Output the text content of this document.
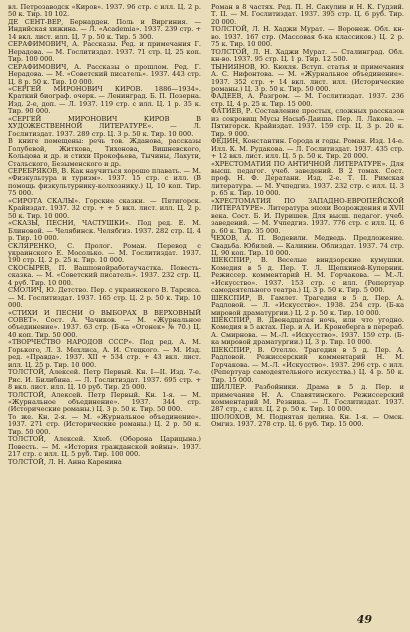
вл. Петрозаводск «Киров». 1937. 96 стр. с илл. Ц. 2 р. 50 к. Тир. 10 102.

ДЕ СЕНТ-ВЕР, Бернарден. Поль и Виргиния. — Индийская хижина. — Л. «Academia». 1937. 239 стр. + 14 вкл. лист. илл. Ц. 7 р. 50 к. Тир. 5 300.

СЕРАФИМОВИЧ, А. Рассказы. Ред. и примечания Г. Нерадова. — М. Гослитиздат. 1937. 71 стр. Ц. 25 коп. Тир. 100 000.

СЕРАФИМОВИЧ, А. Рассказы о прошлом. Ред. Г. Нерадова. — М. «Советский писатель». 1937. 443 стр. Ц. 8 р. 50 к. Тир. 10 000.

«СЕРГЕЙ МИРОНОВИЧ КИРОВ. 1886—1934». Краткий биограф. очерк. — Ленинград. Б. П. Позерна. Изд. 2-е, доп. — Л. 1937. 119 стр. с илл. Ц. 1 р. 35 к. Тир. 90 000.

«СЕРГЕЙ МИРОНОВИЧ КИРОВ В ХУДОЖЕСТВЕННОЙ ЛИТЕРАТУРЕ». — Л. Гослитиздат. 1937. 289 стр. Ц. 3 р. 50 к. Тир. 10 000.

В книге помещены: речь тов. Жданова, рассказы Голубевой, Житкова, Тихонова, Вишневского, Кольцова и др. и стихи Прокофьева, Тычины, Лахути, Стальского, Безыменского и др.

СЕРЕБРЯКОВ, В. Как научиться хорошо плавать. — М. «Физкультура и туризм». 1937. 15 стр. с илл. (В помощь физкультурнику-колхознику.) Ц. 10 коп. Тир. 75 000.

«СИРОТА СКАЛЫ». Горские сказки. — Пятигорск. Крайиздат. 1937. 32 стр. + + 5 вкл. лист. илл. Ц. 2 р. 50 к. Тир. 10 000.

«СКАЗЫ, ПЕСНИ, ЧАСТУШКИ». Под ред. Е. М. Блиновой. — Челябинск. Челябгиз. 1937. 282 стр. Ц. 4 р. Тир. 10 000.

СКЛЯРЕНКО, С. Пролог. Роман. Перевод с украинского Е. Мосолько. — М. Гослитиздат. 1937. 190 стр. Ц. 2 р. 25 к. Тир. 10 000.

СКОСЫРЕВ, П. Вашпонойработаучастка. Повесть-сказка. — М. «Советский писатель». 1937. 232 стр. Ц. 4 руб. Тир. 10 000.

СМОЛИЧ, Ю. Детство. Пер. с украинского В. Тарсиса. — М. Гослитиздат. 1937. 165 стр. Ц. 2 р. 50 к. Тир. 10 000.

«СТИХИ И ПЕСНИ О ВЫБОРАХ В ВЕРХОВНЫЙ СОВЕТ». Сост. А. Чачиков. — М. «Журнальное объединение». 1937. 63 стр. (Б-ка «Огонек» № 70.) Ц. 40 коп. Тир. 50 000.

«ТВОРЧЕСТВО НАРОДОВ СССР». Под ред. А. М. Горького, Л. З. Мехлиса, А. И. Стецкого. — М. Изд. ред. «Правда». 1937. XII + 534 стр. + 43 вкл. лист. илл. Ц. 25 р. Тир. 10 000.

ТОЛСТОЙ, Алексей. Петр Первый. Кн. I—II. Изд. 7-е. Рис. И. Билибина. — Л. Гослитиздат. 1937. 695 стр. + 8 вкл. лист. илл. Ц. 10 руб. Тир. 25 000.

ТОЛСТОЙ, Алексей. Петр Первый. Кн. 1-я. — М. «Журнальное объединение». 1937. 344 стр. (Исторические романы.) Ц. 3 р. 50 к. Тир. 50 000.

То же. Кн. 2-я. — М. «Журнальное объединение». 1937. 271 стр. (Исторические романы.) Ц. 2 р. 50 к. Тир. 50 000.

ТОЛСТОЙ, Алексей. Хлеб. (Оборона Царицына.) Повесть. — М. «История гражданской войны». 1937. 217 стр. с илл. Ц. 5 руб. Тир. 100 000.

ТОЛСТОЙ, Л. Н. Анна Каренина

Роман в 8 частях. Ред. П. Н. Сакулин и Н. К. Гудзий. Т. II. — М. Гослитиздат. 1937. 395 стр. Ц. 6 руб. Тир. 20 000.

ТОЛСТОЙ, Л. Н. Хаджи Мурат. — Воронеж. Обл. кн-во. 1937. 167 стр. (Массовая б-ка классиков.) Ц. 2 р. 75 к. Тир. 10 000.

ТОЛСТОЙ, Л. Н. Хаджи Мурат. — Сталинград. Обл. кн-во. 1937. 95 стр. Ц. 1 р. Тир. 12 500.

ТЫНИЯНОВ, Ю. Кюхля. Вступ. статья и примечания А. С. Нифонтова. — М. «Журнальное объединение». 1937. 352 стр. + 14 вкл. лист. илл. (Исторические романы.) Ц. 3 р. 50 к. Тир. 50 000.

ФАДЕЕВ, А. Разгром. — М. Гослитиздат. 1937. 236 стр. Ц. 4 р. 25 к. Тир. 15 000.

ФАТИЕВ, Р. Составление простых, сложных рассказов из сокровищ Мусы Насыб-Даиша. Пер. Л. Лакова. — Пятигорск. Крайиздат. 1937. 159 стр. Ц. 3 р. 20 к. Тир. 9 000.

ФЕДИН, Константин. Города и годы. Роман. Изд. 14-е. Илл. К. М. Рудакова. — Л. Гослитиздат. 1937. 435 стр. + 12 вкл. лист. илл. Ц. 5 р. 50 к. Тир. 20 000.

«ХРЕСТОМАТИЯ ПО АНТИЧНОЙ ЛИТЕРАТУРЕ». Для высш. педагог. учеб. заведений. В 2 томах. Сост. проф. Н. Ф. Дератани. Изд. 2-е. Т. II. Римская литература. — М. Учпедгиз. 1937. 232 стр. с илл. Ц. 3 р. 65 к. Тир. 10 000.

«ХРЕСТОМАТИЯ ПО ЗАПАДНО-ЕВРОПЕЙСКОЙ ЛИТЕРАТУРЕ». Литература эпохи Возрождения и XVII века. Сост. Б. И. Пуришев. Для высш. педагог. учеб. заведений. — М. Учпедгиз. 1937. 776 стр. с илл. Ц. 6 р. 60 к. Тир. 35 000.

ЧЕХОВ, А. П. Водевили. Медведь. Предложение. Свадьба. Юбилей. — Калинин. Облиздат. 1937. 74 стр. Ц. 90 коп. Тир. 10 000.

ШЕКСПИР, В. Веселые виндзорские кумушки. Комедия в 5 д. Пер. Т. Л. Щепкиной-Куперник. Режиссер. комментарий Н. М. Горчакова. — М.-Л. «Искусство». 1937. 153 стр. с илл. (Репертуар самодеятельного театра.) Ц. 3 р. 50 к. Тир. 5 000.

ШЕКСПИР, В. Гамлет. Трагедия в 5 д. Пер. А. Радловой. — Л. «Искусство». 1938. 254 стр. (Б-ка мировой драматургии.) Ц. 2 р. 50 к. Тир. 10 000.

ШЕКСПИР, В. Двенадцатая ночь, или что угодно. Комедия в 5 актах. Пер. и А. И. Кронеберга в перераб. А. Смирнова. — М.-Л. «Искусство». 1937. 159 стр. (Б-ка мировой драматургии.) Ц. 3 р. Тир. 10 000.

ШЕКСПИР, В. Отелло. Трагедия в 5 д. Пер. А. Радловой. Режиссерский комментарий Н. М. Горчакова. — М.-Л. «Искусство». 1937. 296 стр. с илл. (Репертуар самодеятельного искусства.) Ц. 4 р. 50 к. Тир. 15 000.

ШИЛЛЕР. Разбойники. Драма в 5 д. Пер. и примечания Н. А. Славятинского. Режиссерский комментарий М. Резника. — Л. Гослитиздат. 1937. 287 стр., с илл. Ц. 2 р. 50 к. Тир. 10 000.

ШОЛОХОВ, М. Поднятая целина. Кн. 1-я. — Омск. Омгиз. 1937. 278 стр. Ц. 6 руб. Тир. 15 000.

49
